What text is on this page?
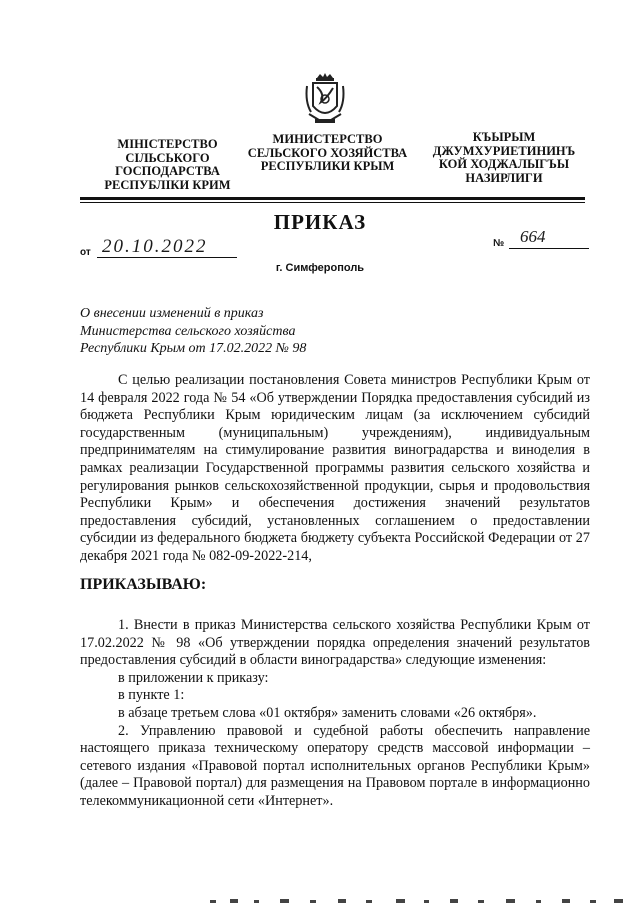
МІНІСТЕРСТВО
СІЛЬСЬКОГО
ГОСПОДАРСТВА
РЕСПУБЛІКИ КРИМ
МИНИСТЕРСТВО
СЕЛЬСКОГО ХОЗЯЙСТВА
РЕСПУБЛИКИ КРЫМ
КЪЫРЫМ
ДЖУМХУРИЕТИНИНЪ
КОЙ ХОДЖАЛЫГЪЫ
НАЗИРЛИГИ
ПРИКАЗ
от 20.10.2022	№ 664
г. Симферополь
О внесении изменений в приказ
Министерства сельского хозяйства
Республики Крым от 17.02.2022 № 98
С целью реализации постановления Совета министров Республики Крым от 14 февраля 2022 года № 54 «Об утверждении Порядка предоставления субсидий из бюджета Республики Крым юридическим лицам (за исключением субсидий государственным (муниципальным) учреждениям), индивидуальным предпринимателям на стимулирование развития виноградарства и виноделия в рамках реализации Государственной программы развития сельского хозяйства и регулирования рынков сельскохозяйственной продукции, сырья и продовольствия Республики Крым» и обеспечения достижения значений результатов предоставления субсидий, установленных соглашением о предоставлении субсидии из федерального бюджета бюджету субъекта Российской Федерации от 27 декабря 2021 года № 082-09-2022-214,
ПРИКАЗЫВАЮ:
1. Внести в приказ Министерства сельского хозяйства Республики Крым от 17.02.2022 № 98 «Об утверждении порядка определения значений результатов предоставления субсидий в области виноградарства» следующие изменения:
в приложении к приказу:
в пункте 1:
в абзаце третьем слова «01 октября» заменить словами «26 октября».
2. Управлению правовой и судебной работы обеспечить направление настоящего приказа техническому оператору средств массовой информации – сетевого издания «Правовой портал исполнительных органов Республики Крым» (далее – Правовой портал) для размещения на Правовом портале в информационно телекоммуникационной сети «Интернет».
